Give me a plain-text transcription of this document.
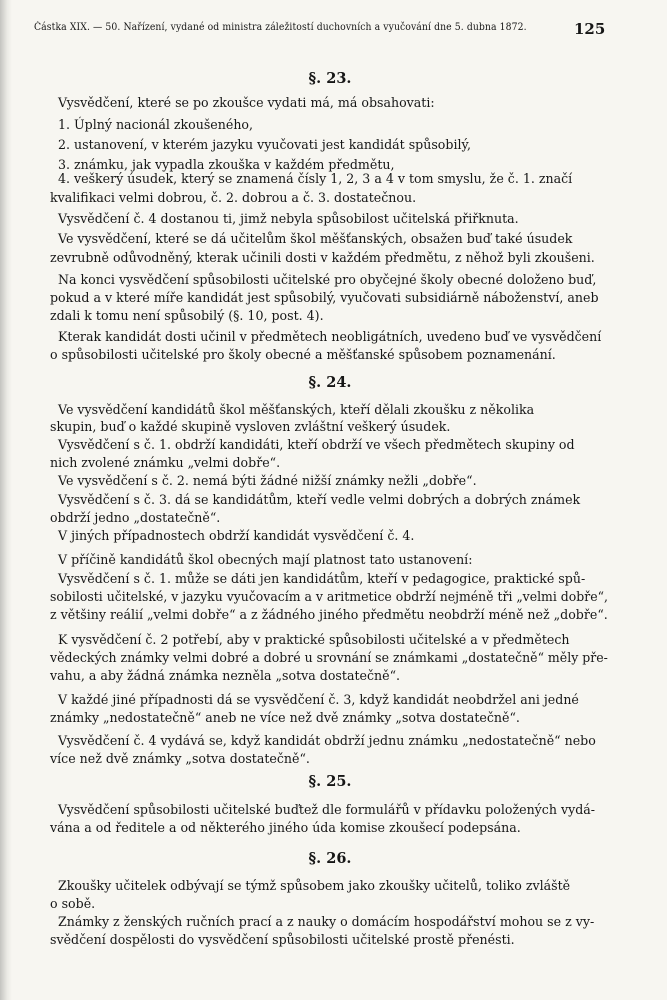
Částka XIX. — 50. Nařízení, vydané od ministra záležitostí duchovních a vyučování dne 5. dubna 1872.	125
§. 23.
Vysvědčení, které se po zkoušce vydati má, má obsahovati:
1. Úplný nacionál zkoušeného,
2. ustanovení, v kterém jazyku vyučovati jest kandidát spůsobilý,
3. známku, jak vypadla zkouška v každém předmětu,
4. veškerý úsudek, který se znamená čísly 1, 2, 3 a 4 v tom smyslu, že č. 1. značí
kvalifikaci velmi dobrou, č. 2. dobrou a č. 3. dostatečnou.
Vysvědčení č. 4 dostanou ti, jimž nebyla spůsobilost učitelská přiřknuta.
Ve vysvědčení, které se dá učitelům škol měšťanských, obsažen buď také úsudek
zevrubně odůvodněný, kterak učinili dosti v každém předmětu, z něhož byli zkoušeni.
Na konci vysvědčení spůsobilosti učitelské pro obyčejné školy obecné doloženo buď,
pokud a v které míře kandidát jest spůsobilý, vyučovati subsidiárně náboženství, aneb
zdali k tomu není spůsobilý (§. 10, post. 4).
Kterak kandidát dosti učinil v předmětech neobligátních, uvedeno buď ve vysvědčení
o spůsobilosti učitelské pro školy obecné a měšťanské spůsobem poznamenání.
§. 24.
Ve vysvědčení kandidátů škol měšťanských, kteří dělali zkoušku z několika
skupin, buď o každé skupině vysloven zvláštní veškerý úsudek.
Vysvědčení s č. 1. obdrží kandidáti, kteří obdrží ve všech předmětech skupiny od
nich zvolené známku „velmi dobře“.
Ve vysvědčení s č. 2. nemá býti žádné nižší známky nežli „dobře“.
Vysvědčení s č. 3. dá se kandidátům, kteří vedle velmi dobrých a dobrých známek
obdrží jedno „dostatečně“.
V jiných případnostech obdrží kandidát vysvědčení č. 4.
V příčině kandidátů škol obecných mají platnost tato ustanovení:
Vysvědčení s č. 1. může se dáti jen kandidátům, kteří v pedagogice, praktické spů-
sobilosti učitelské, v jazyku vyučovacím a v aritmetice obdrží nejméně tři „velmi dobře“,
z většiny reálií „velmi dobře“ a z žádného jiného předmětu neobdrží méně než „dobře“.
K vysvědčení č. 2 potřebí, aby v praktické spůsobilosti učitelské a v předmětech
vědeckých známky velmi dobré a dobré u srovnání se známkami „dostatečně“ měly pře-
vahu, a aby žádná známka nezněla „sotva dostatečně“.
V každé jiné případnosti dá se vysvědčení č. 3, když kandidát neobdržel ani jedné
známky „nedostatečně“ aneb ne více než dvě známky „sotva dostatečně“.
Vysvědčení č. 4 vydává se, když kandidát obdrží jednu známku „nedostatečně“ nebo
více než dvě známky „sotva dostatečně“.
§. 25.
Vysvědčení spůsobilosti učitelské buďtež dle formulářů v přídavku položených vydá-
vána a od ředitele a od některého jiného úda komise zkoušecí podepsána.
§. 26.
Zkoušky učitelek odbývají se týmž spůsobem jako zkoušky učitelů, toliko zvláště
o sobě.
Známky z ženských ručních prací a z nauky o domácím hospodářství mohou se z vy-
svědčení dospělosti do vysvědčení spůsobilosti učitelské prostě přenésti.
